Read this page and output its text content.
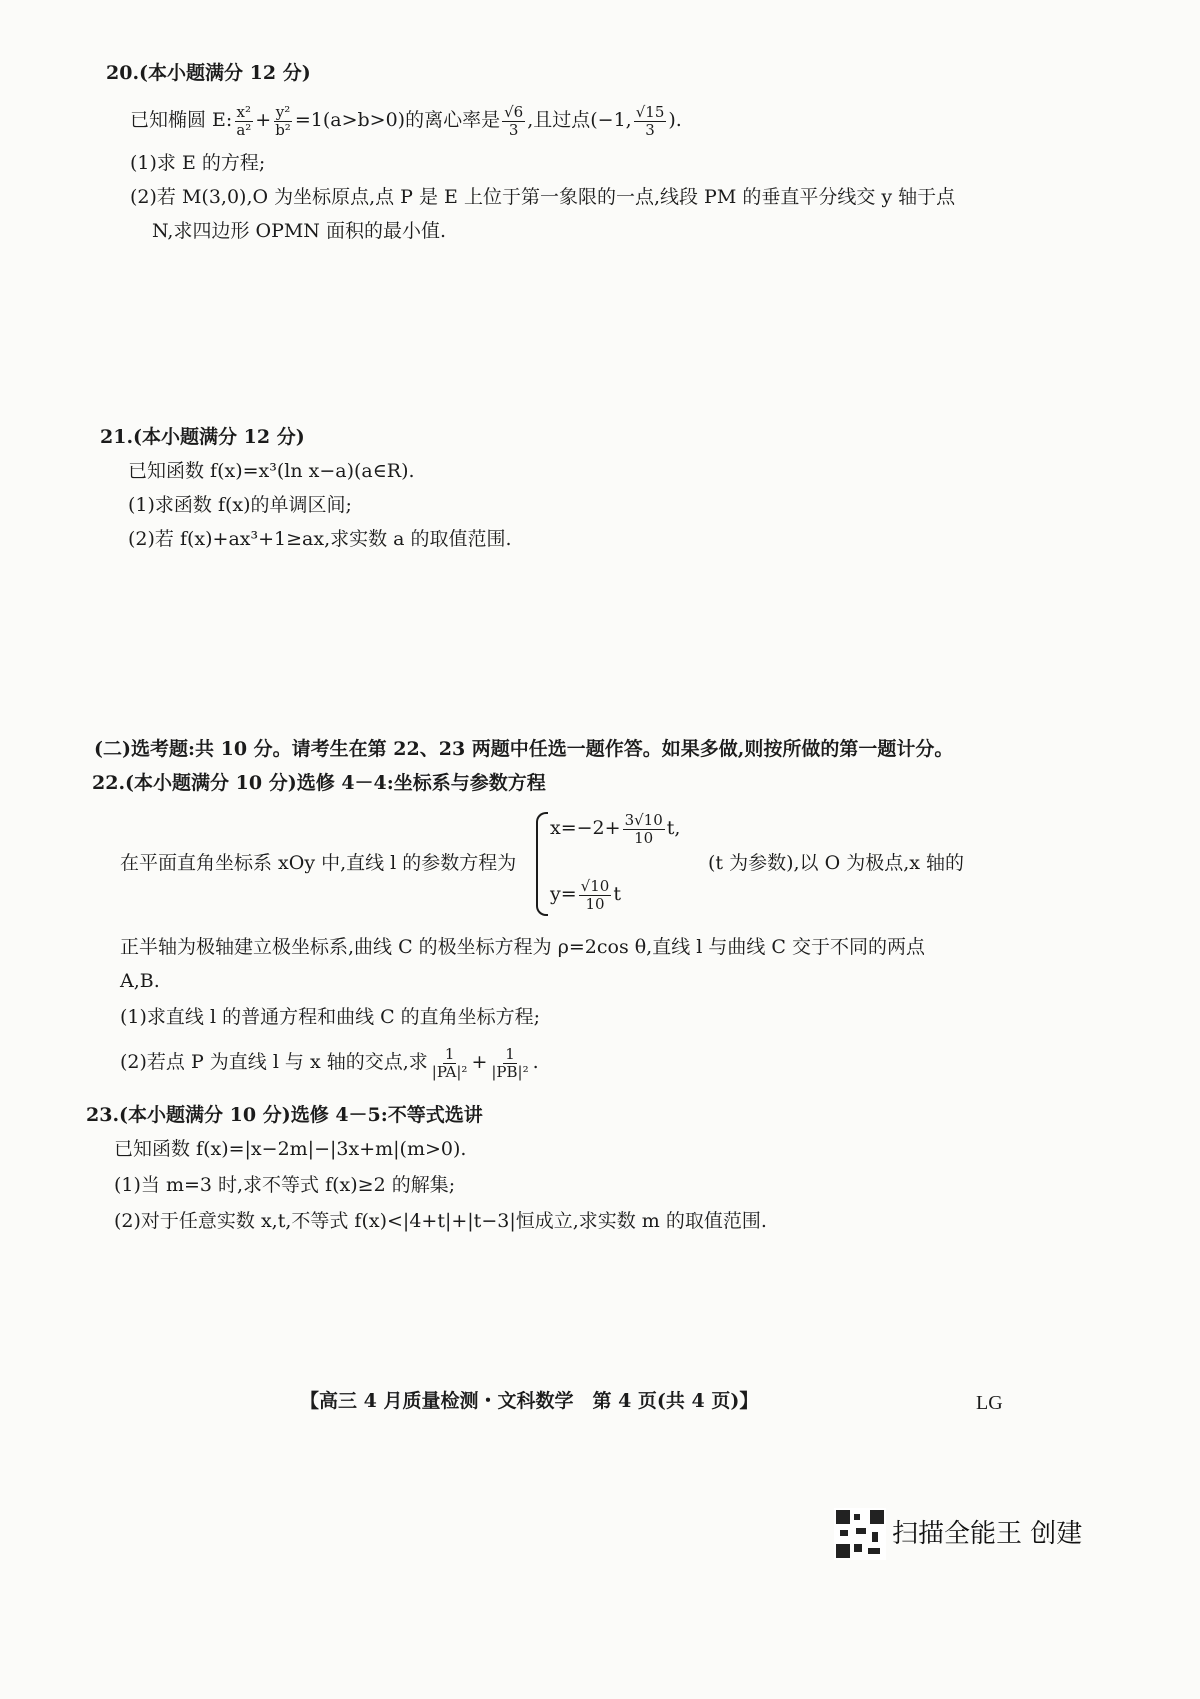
20.(本小题满分 12 分)
已知椭圆 E: $\frac{\text{x²}}{\text{a²}} + \frac{\text{y²}}{\text{b²}} =1(a>b>0)$的离心率是 $\frac{√6}{3}$ ,且过点(−1, $\frac{√15}{3}$ ).
(1)求 E 的方程;
(2)若 M(3,0),O 为坐标原点,点 P 是 E 上位于第一象限的一点,线段 PM 的垂直平分线交 y 轴于点
N,求四边形 OPMN 面积的最小值.
21.(本小题满分 12 分)
已知函数 f(x)=x³(ln x−a)(a∈R).
(1)求函数 f(x)的单调区间;
(2)若 f(x)+ax³+1≥ax,求实数 a 的取值范围.
(二)选考题:共 10 分。请考生在第 22、23 两题中任选一题作答。如果多做,则按所做的第一题计分。
22.(本小题满分 10 分)选修 4－4:坐标系与参数方程
在平面直角坐标系 xOy 中,直线 l 的参数方程为
$x=-2+ \frac{3√10}{10} t$,
$y= \frac{√10}{10}$ t
(t 为参数),以 O 为极点,x 轴的
正半轴为极轴建立极坐标系,曲线 C 的极坐标方程为 ρ=2cos θ,直线 l 与曲线 C 交于不同的两点
A,B.
(1)求直线 l 的普通方程和曲线 C 的直角坐标方程;
(2)若点 P 为直线 l 与 x 轴的交点,求 $\frac{1}{\text{|PA|²}} + \frac{1}{\text{|PB|²}}$ .
23.(本小题满分 10 分)选修 4－5:不等式选讲
已知函数 f(x)=|x−2m|−|3x+m|(m>0).
(1)当 m=3 时,求不等式 f(x)≥2 的解集;
(2)对于任意实数 x,t,不等式 f(x)<|4+t|+|t−3|恒成立,求实数 m 的取值范围.
【高三 4 月质量检测・文科数学　第 4 页(共 4 页)】	LG
扫描全能王 创建
